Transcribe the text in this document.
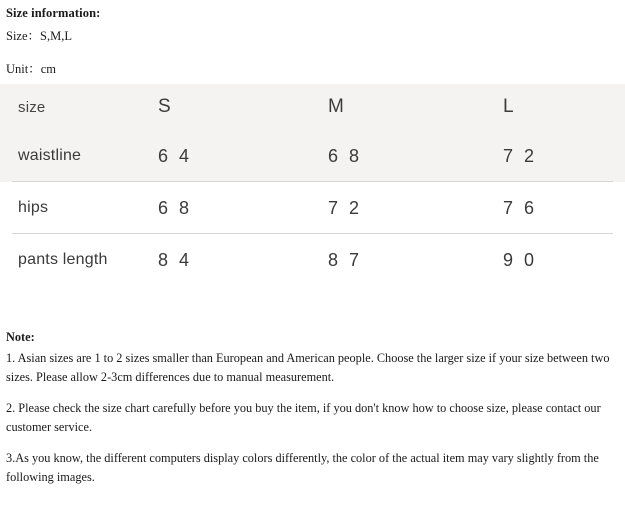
Size information:
Size：S,M,L
Unit：cm
size	S	M	L
waistline	6 4	6 8	7 2
hips	6 8	7 2	7 6
pants length	8 4	8 7	9 0
Note:

1. Asian sizes are 1 to 2 sizes smaller than European and American people. Choose the larger size if your size between two sizes. Please allow 2-3cm differences due to manual measurement.

2. Please check the size chart carefully before you buy the item, if you don't know how to choose size, please contact our customer service.

3.As you know, the different computers display colors differently, the color of the actual item may vary slightly from the following images.
